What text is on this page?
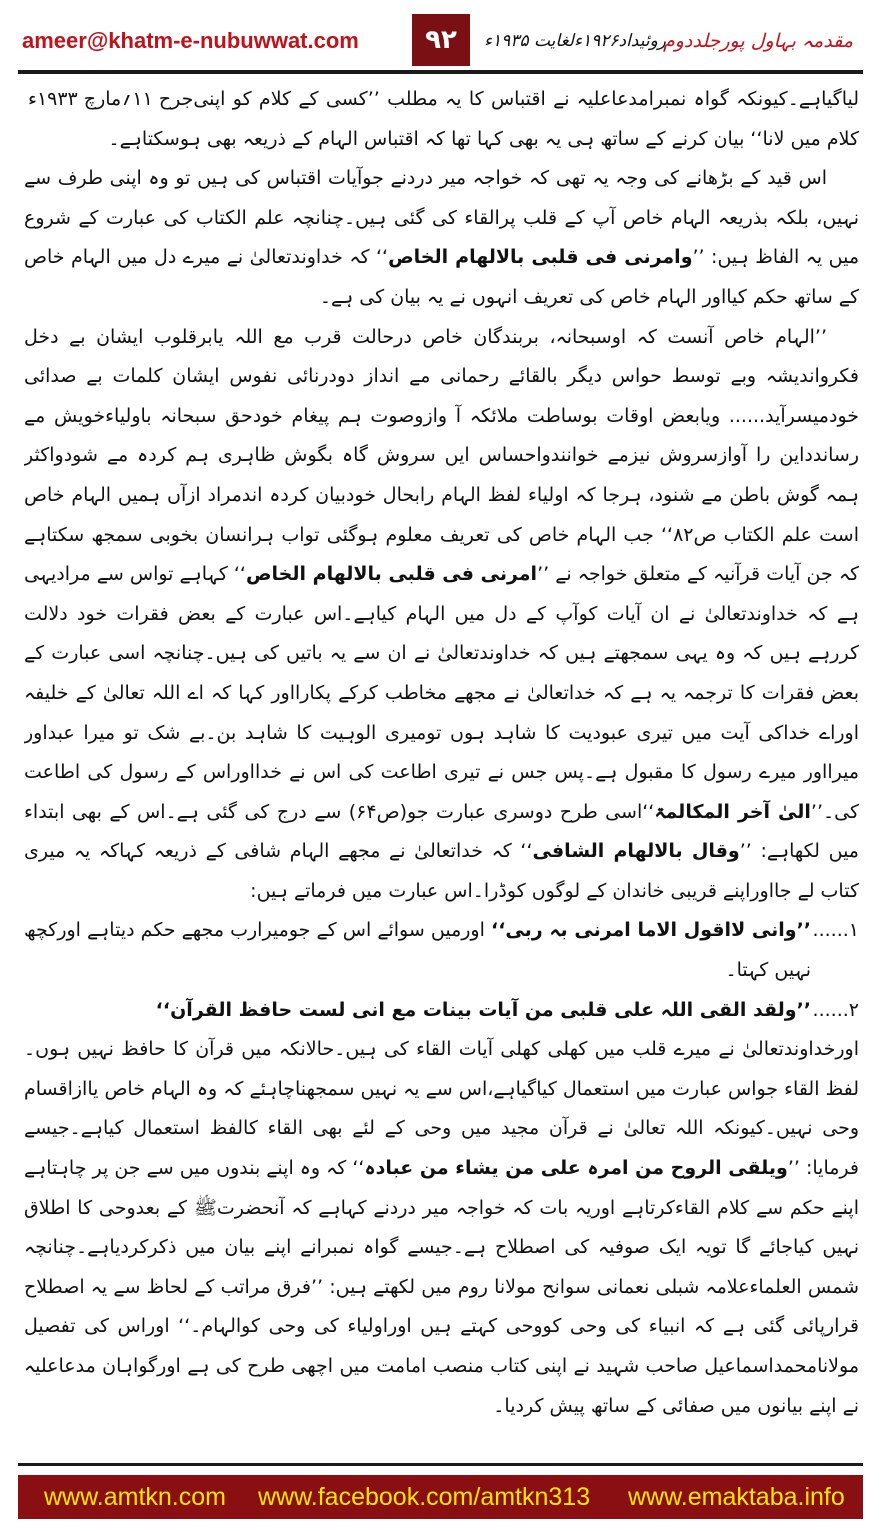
ameer@khatm-e-nubuwwat.com	۹۲	روئیداد۱۹۲۶ءلغایت ۱۹۳۵ء
مقدمہ بہاول پورجلددوم

جرح ۱۱؍مارچ ۱۹۳۳ء لیاگیاہے۔کیونکہ گواہ نمبرامدعاعلیہ نے اقتباس کا یہ مطلب ’’کسی کے کلام کو اپنی کلام میں لانا‘‘ بیان کرنے کے ساتھ ہی یہ بھی کہا تھا کہ اقتباس الہام کے ذریعہ بھی ہوسکتاہے۔

اس قید کے بڑھانے کی وجہ یہ تھی کہ خواجہ میر دردنے جوآیات اقتباس کی ہیں تو وہ اپنی طرف سے نہیں، بلکہ بذریعہ الہام خاص آپ کے قلب پرالقاء کی گئی ہیں۔چنانچہ علم الکتاب کی عبارت کے شروع میں یہ الفاظ ہیں: ’’وامرنی فی قلبی بالالھام الخاص‘‘ کہ خداوندتعالیٰ نے میرے دل میں الہام خاص کے ساتھ حکم کیااور الہام خاص کی تعریف انہوں نے یہ بیان کی ہے۔

’’الہام خاص آنست کہ اوسبحانہ، بربندگان خاص درحالت قرب مع اللہ یابرقلوب ایشان بے دخل فکروانديشہ وبے توسط حواس دیگر بالقائے رحمانی مے انداز دودرنائی نفوس ایشان کلمات بے صدائی خودمیسرآید...... ویابعض اوقات بوساطت ملائکہ آ وازوصوت ہم پیغام خودحق سبحانہ باولیاءخویش مے رساندداین را آوازسروش نیزمے خوانندواحساس ایں سروش گاہ بگوش ظاہری ہم کردہ مے شودواکثر ہمہ گوش باطن مے شنود، ہرجا کہ اولیاء لفظ الہام رابحال خودبیان کردہ اندمراد ازآں ہمیں الہام خاص است علم الکتاب ص۸۲‘‘ جب الہام خاص کی تعریف معلوم ہوگئی تواب ہرانسان بخوبی سمجھ سکتاہے کہ جن آیات قرآنیہ کے متعلق خواجہ نے ’’امرنی فی قلبی بالالھام الخاص‘‘ کہاہے تواس سے مرادیہی ہے کہ خداوندتعالیٰ نے ان آیات کوآپ کے دل میں الہام کیاہے۔اس عبارت کے بعض فقرات خود دلالت کررہے ہیں کہ وہ یہی سمجھتے ہیں کہ خداوندتعالیٰ نے ان سے یہ باتیں کی ہیں۔چنانچہ اسی عبارت کے بعض فقرات کا ترجمہ یہ ہے کہ خداتعالیٰ نے مجھے مخاطب کرکے پکارااور کہا کہ اے اللہ تعالیٰ کے خلیفہ اوراے خداکی آیت میں تیری عبودیت کا شاہد ہوں تومیری الوہیت کا شاہد بن۔بے شک تو میرا عبداور میرااور میرے رسول کا مقبول ہے۔پس جس نے تیری اطاعت کی اس نے خدااوراس کے رسول کی اطاعت کی۔’’الیٰ آخر المکالمۃ‘‘اسی طرح دوسری عبارت جو(ص۶۴) سے درج کی گئی ہے۔اس کے بھی ابتداء میں لکھاہے: ’’وقال بالالھام الشافی‘‘ کہ خداتعالیٰ نے مجھے الہام شافی کے ذریعہ کہاکہ یہ میری کتاب لے جااوراپنے قریبی خاندان کے لوگوں کوڈرا۔اس عبارت میں فرماتے ہیں:

۱......
’’وانی لااقول الاما امرنی بہ ربی‘‘ اورمیں سوائے اس کے جومیرارب مجھے حکم دیتاہے اورکچھ نہیں کہتا۔
۲......
’’ولقد القی اللہ علی قلبی من آیات بینات مع انی لست حافظ القرآن‘‘

اورخداوندتعالیٰ نے میرے قلب میں کھلی کھلی آیات القاء کی ہیں۔حالانکہ میں قرآن کا حافظ نہیں ہوں۔لفظ القاء جواس عبارت میں استعمال کیاگیاہے،اس سے یہ نہیں سمجھناچاہئے کہ وہ الہام خاص یاازاقسام وحی نہیں۔کیونکہ اللہ تعالیٰ نے قرآن مجید میں وحی کے لئے بھی القاء کالفظ استعمال کیاہے۔جیسے فرمایا: ’’ویلقی الروح من امرہ علی من یشاء من عبادہ‘‘ کہ وہ اپنے بندوں میں سے جن پر چاہتاہے اپنے حکم سے کلام القاءکرتاہے اوریہ بات کہ خواجہ میر دردنے کہاہے کہ آنحضرتﷺ کے بعدوحی کا اطلاق نہیں کیاجائے گا تویہ ایک صوفیہ کی اصطلاح ہے۔جیسے گواہ نمبرانے اپنے بیان میں ذکرکردیاہے۔چنانچہ شمس العلماءعلامہ شبلی نعمانی سوانح مولانا روم میں لکھتے ہیں: ’’فرق مراتب کے لحاظ سے یہ اصطلاح قرارپائی گئی ہے کہ انبیاء کی وحی کووحی کہتے ہیں اوراولیاء کی وحی کوالہام۔‘‘ اوراس کی تفصیل مولانامحمداسماعیل صاحب شہید نے اپنی کتاب منصب امامت میں اچھی طرح کی ہے اورگواہان مدعاعلیہ نے اپنے بیانوں میں صفائی کے ساتھ پیش کردیا۔

www.amtkn.com www.facebook.com/amtkn313 www.emaktaba.info
